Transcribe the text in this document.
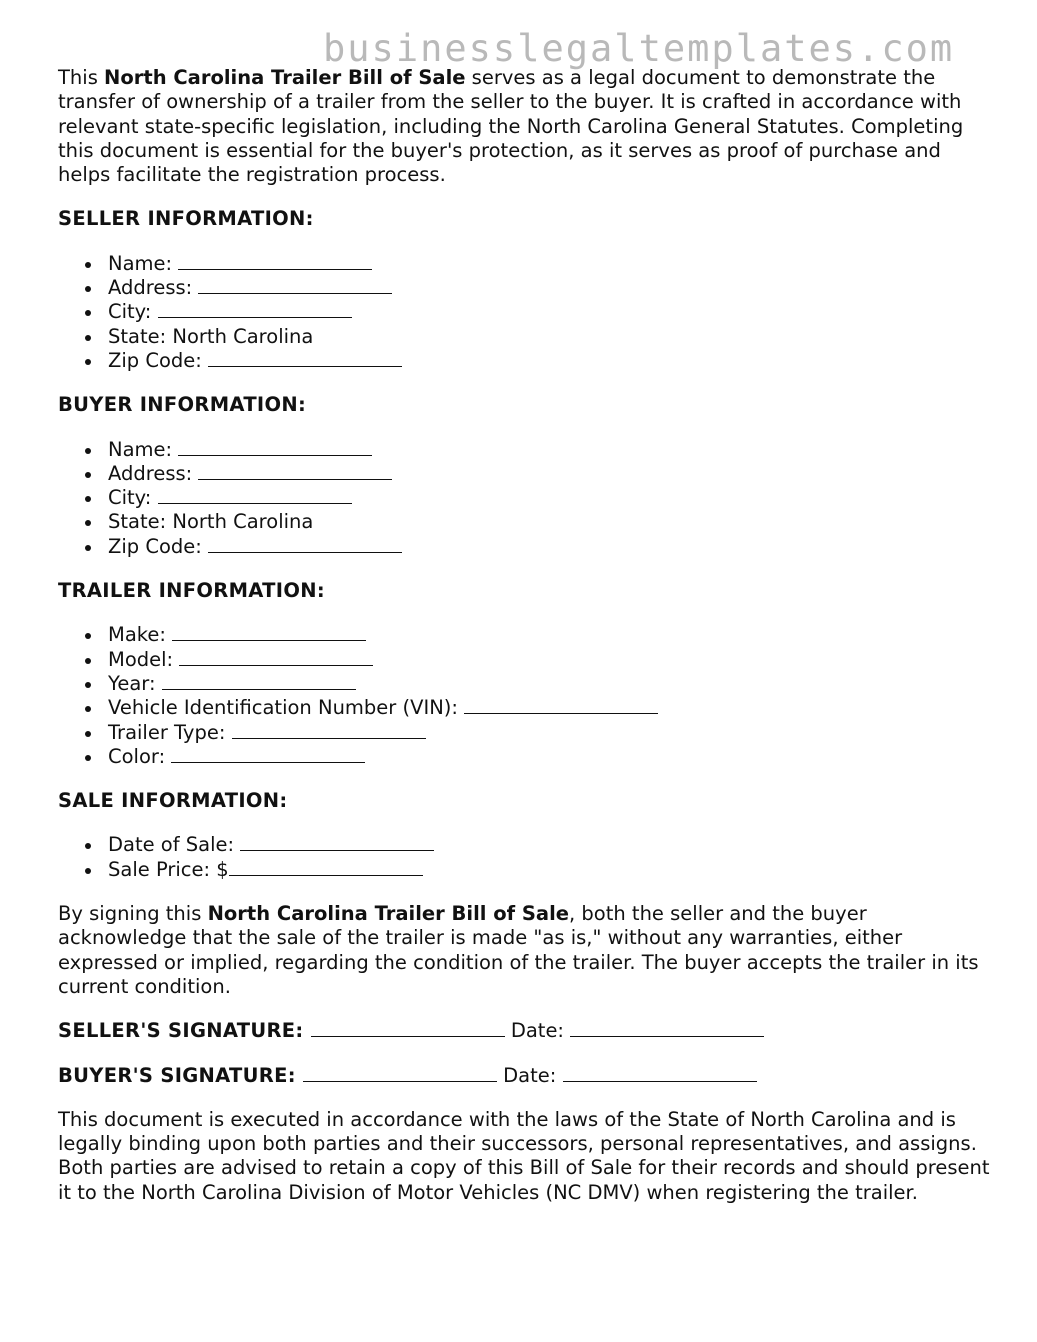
businesslegaltemplates.com

This North Carolina Trailer Bill of Sale serves as a legal document to demonstrate the transfer of ownership of a trailer from the seller to the buyer. It is crafted in accordance with relevant state-specific legislation, including the North Carolina General Statutes. Completing this document is essential for the buyer's protection, as it serves as proof of purchase and helps facilitate the registration process.

SELLER INFORMATION:

Name:
Address:
City:
State: North Carolina
Zip Code:

BUYER INFORMATION:

Name:
Address:
City:
State: North Carolina
Zip Code:

TRAILER INFORMATION:

Make:
Model:
Year:
Vehicle Identification Number (VIN):
Trailer Type:
Color:

SALE INFORMATION:

Date of Sale:
Sale Price: $

By signing this North Carolina Trailer Bill of Sale, both the seller and the buyer acknowledge that the sale of the trailer is made "as is," without any warranties, either expressed or implied, regarding the condition of the trailer. The buyer accepts the trailer in its current condition.

SELLER'S SIGNATURE:	Date:

BUYER'S SIGNATURE:	Date:

This document is executed in accordance with the laws of the State of North Carolina and is legally binding upon both parties and their successors, personal representatives, and assigns. Both parties are advised to retain a copy of this Bill of Sale for their records and should present it to the North Carolina Division of Motor Vehicles (NC DMV) when registering the trailer.
